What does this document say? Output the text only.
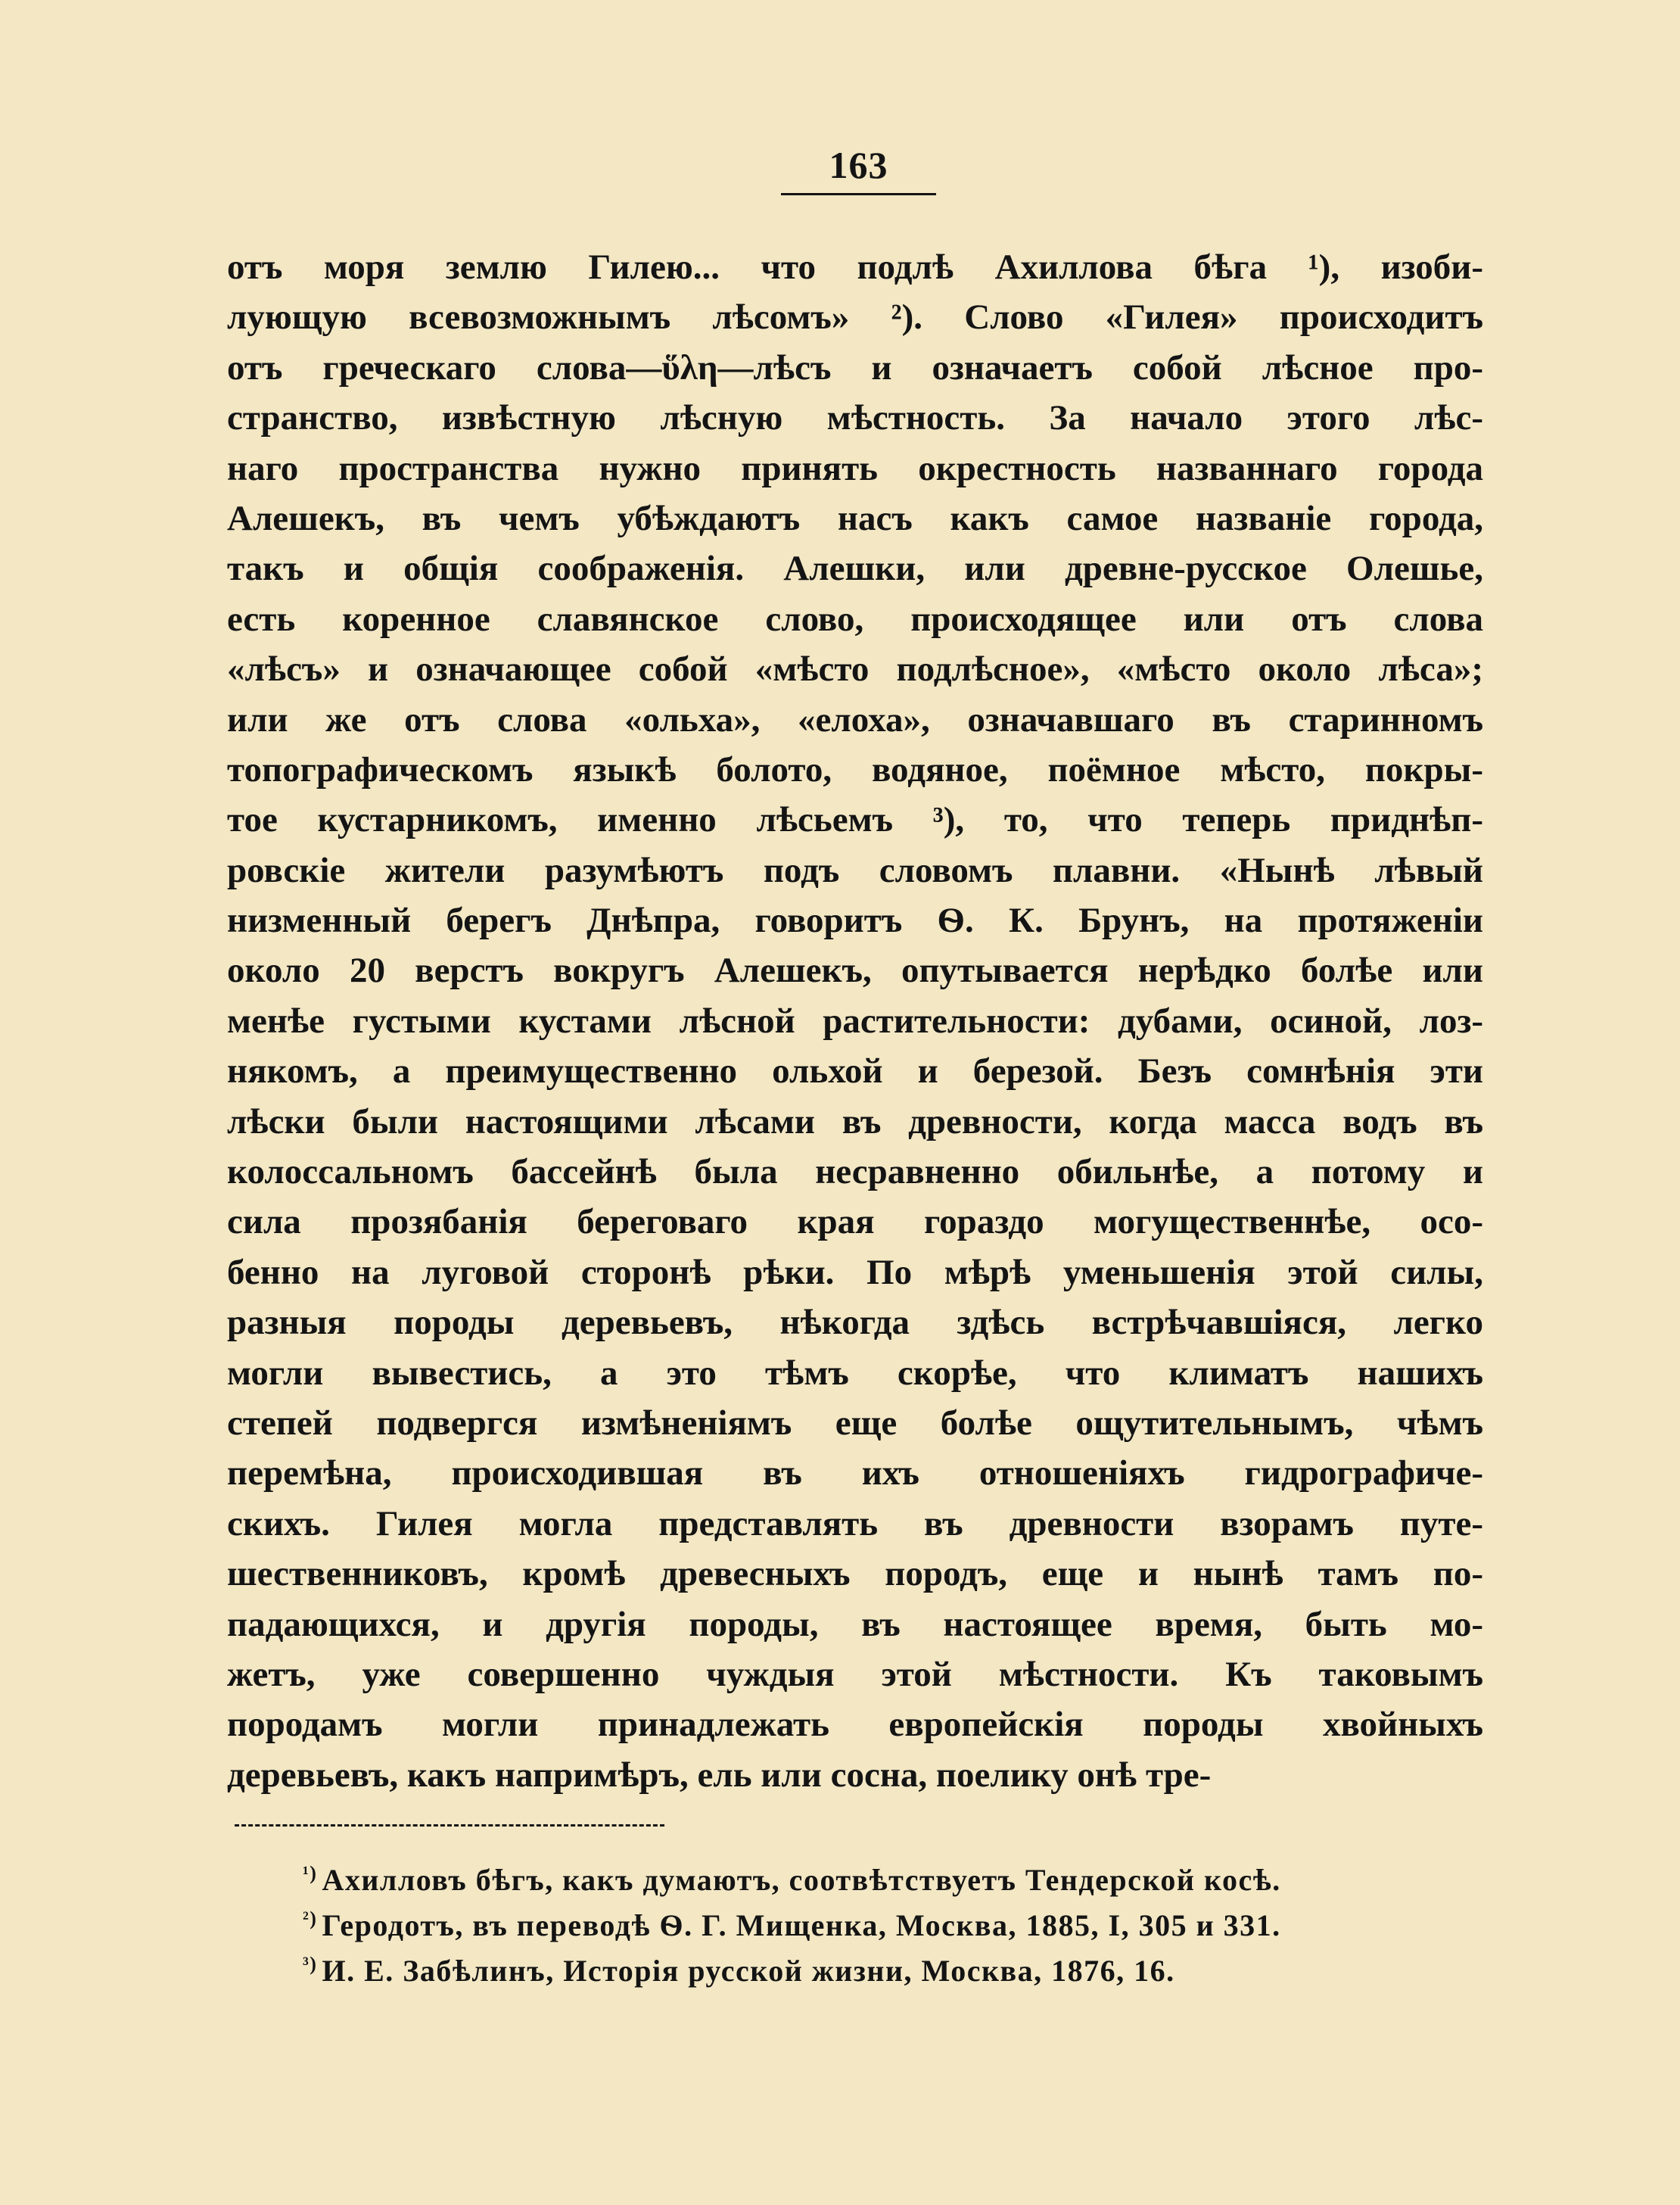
163
отъ моря землю Гилею... что подлѣ Ахиллова бѣга ¹), изоби-
лующую всевозможнымъ лѣсомъ» ²). Слово «Гилея» происходитъ
отъ греческаго слова—ὕλη—лѣсъ и означаетъ собой лѣсное про-
странство, извѣстную лѣсную мѣстность. За начало этого лѣс-
наго пространства нужно принять окрестность названнаго города
Алешекъ, въ чемъ убѣждаютъ насъ какъ самое названіе города,
такъ и общія соображенія. Алешки, или древне-русское Олешье,
есть коренное славянское слово, происходящее или отъ слова
«лѣсъ» и означающее собой «мѣсто подлѣсное», «мѣсто около лѣса»;
или же отъ слова «ольха», «елоха», означавшаго въ старинномъ
топографическомъ языкѣ болото, водяное, поёмное мѣсто, покры-
тое кустарникомъ, именно лѣсьемъ ³), то, что теперь приднѣп-
ровскіе жители разумѣютъ подъ словомъ плавни. «Нынѣ лѣвый
низменный берегъ Днѣпра, говоритъ Ѳ. К. Брунъ, на протяженіи
около 20 верстъ вокругъ Алешекъ, опутывается нерѣдко болѣе или
менѣе густыми кустами лѣсной растительности: дубами, осиной, лоз-
някомъ, а преимущественно ольхой и березой. Безъ сомнѣнія эти
лѣски были настоящими лѣсами въ древности, когда масса водъ въ
колоссальномъ бассейнѣ была несравненно обильнѣе, а потому и
сила прозябанія береговаго края гораздо могущественнѣе, осо-
бенно на луговой сторонѣ рѣки. По мѣрѣ уменьшенія этой силы,
разныя породы деревьевъ, нѣкогда здѣсь встрѣчавшіяся, легко
могли вывестись, а это тѣмъ скорѣе, что климатъ нашихъ
степей подвергся измѣненіямъ еще болѣе ощутительнымъ, чѣмъ
перемѣна, происходившая въ ихъ отношеніяхъ гидрографиче-
скихъ. Гилея могла представлять въ древности взорамъ путе-
шественниковъ, кромѣ древесныхъ породъ, еще и нынѣ тамъ по-
падающихся, и другія породы, въ настоящее время, быть мо-
жетъ, уже совершенно чуждыя этой мѣстности. Къ таковымъ
породамъ могли принадлежать европейскія породы хвойныхъ
деревьевъ, какъ напримѣръ, ель или сосна, поелику онѣ тре-
$^{^1)}$ Ахилловъ бѣгъ, какъ думаютъ, соотвѣтствуетъ Тендерской косѣ.
$^{^2)}$ Геродотъ, въ переводѣ Ѳ. Г. Мищенка, Москва, 1885, I, 305 и 331.
$^{^3)}$ И. Е. Забѣлинъ, Исторія русской жизни, Москва, 1876, 16.
